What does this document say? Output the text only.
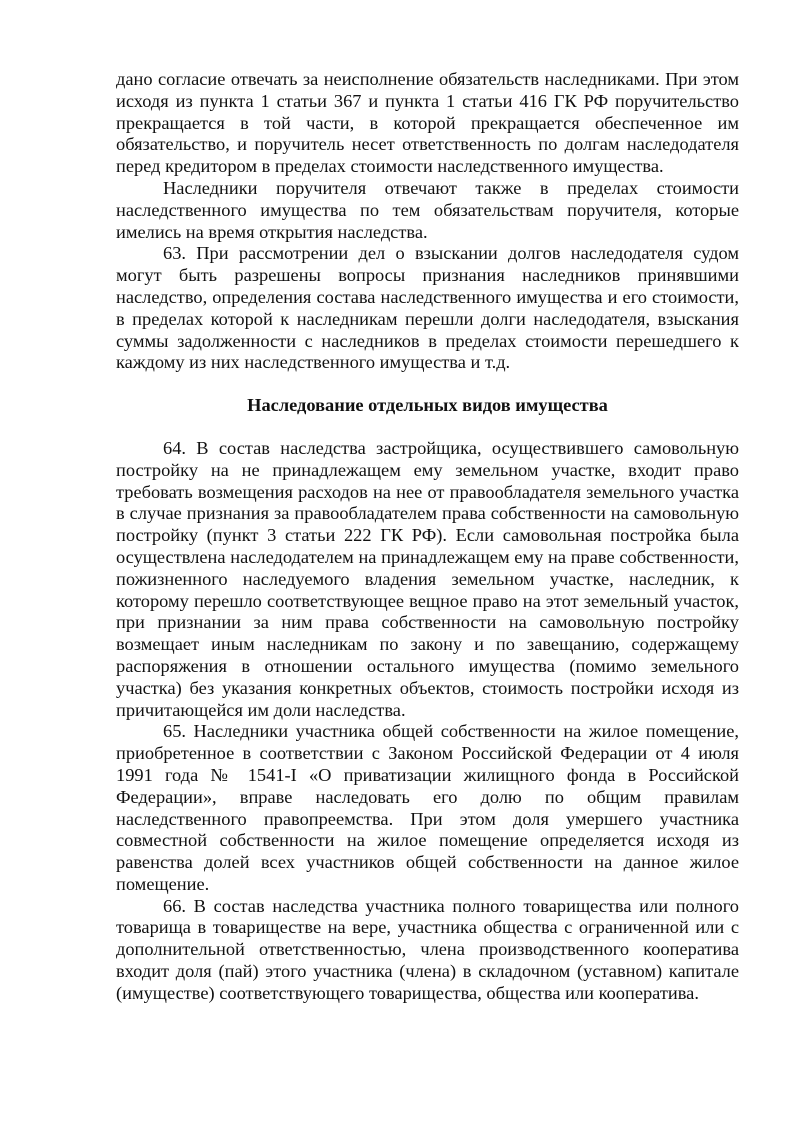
дано согласие отвечать за неисполнение обязательств наследниками. При этом исходя из пункта 1 статьи 367 и пункта 1 статьи 416 ГК РФ поручительство прекращается в той части, в которой прекращается обеспеченное им обязательство, и поручитель несет ответственность по долгам наследодателя перед кредитором в пределах стоимости наследственного имущества.

Наследники поручителя отвечают также в пределах стоимости наследственного имущества по тем обязательствам поручителя, которые имелись на время открытия наследства.

63. При рассмотрении дел о взыскании долгов наследодателя судом могут быть разрешены вопросы признания наследников принявшими наследство, определения состава наследственного имущества и его стоимости, в пределах которой к наследникам перешли долги наследодателя, взыскания суммы задолженности с наследников в пределах стоимости перешедшего к каждому из них наследственного имущества и т.д.

Наследование отдельных видов имущества

64. В состав наследства застройщика, осуществившего самовольную постройку на не принадлежащем ему земельном участке, входит право требовать возмещения расходов на нее от правообладателя земельного участка в случае признания за правообладателем права собственности на самовольную постройку (пункт 3 статьи 222 ГК РФ). Если самовольная постройка была осуществлена наследодателем на принадлежащем ему на праве собственности, пожизненного наследуемого владения земельном участке, наследник, к которому перешло соответствующее вещное право на этот земельный участок, при признании за ним права собственности на самовольную постройку возмещает иным наследникам по закону и по завещанию, содержащему распоряжения в отношении остального имущества (помимо земельного участка) без указания конкретных объектов, стоимость постройки исходя из причитающейся им доли наследства.

65. Наследники участника общей собственности на жилое помещение, приобретенное в соответствии с Законом Российской Федерации от 4 июля 1991 года № 1541-I «О приватизации жилищного фонда в Российской Федерации», вправе наследовать его долю по общим правилам наследственного правопреемства. При этом доля умершего участника совместной собственности на жилое помещение определяется исходя из равенства долей всех участников общей собственности на данное жилое помещение.

66. В состав наследства участника полного товарищества или полного товарища в товариществе на вере, участника общества с ограниченной или с дополнительной ответственностью, члена производственного кооператива входит доля (пай) этого участника (члена) в складочном (уставном) капитале (имуществе) соответствующего товарищества, общества или кооператива.
